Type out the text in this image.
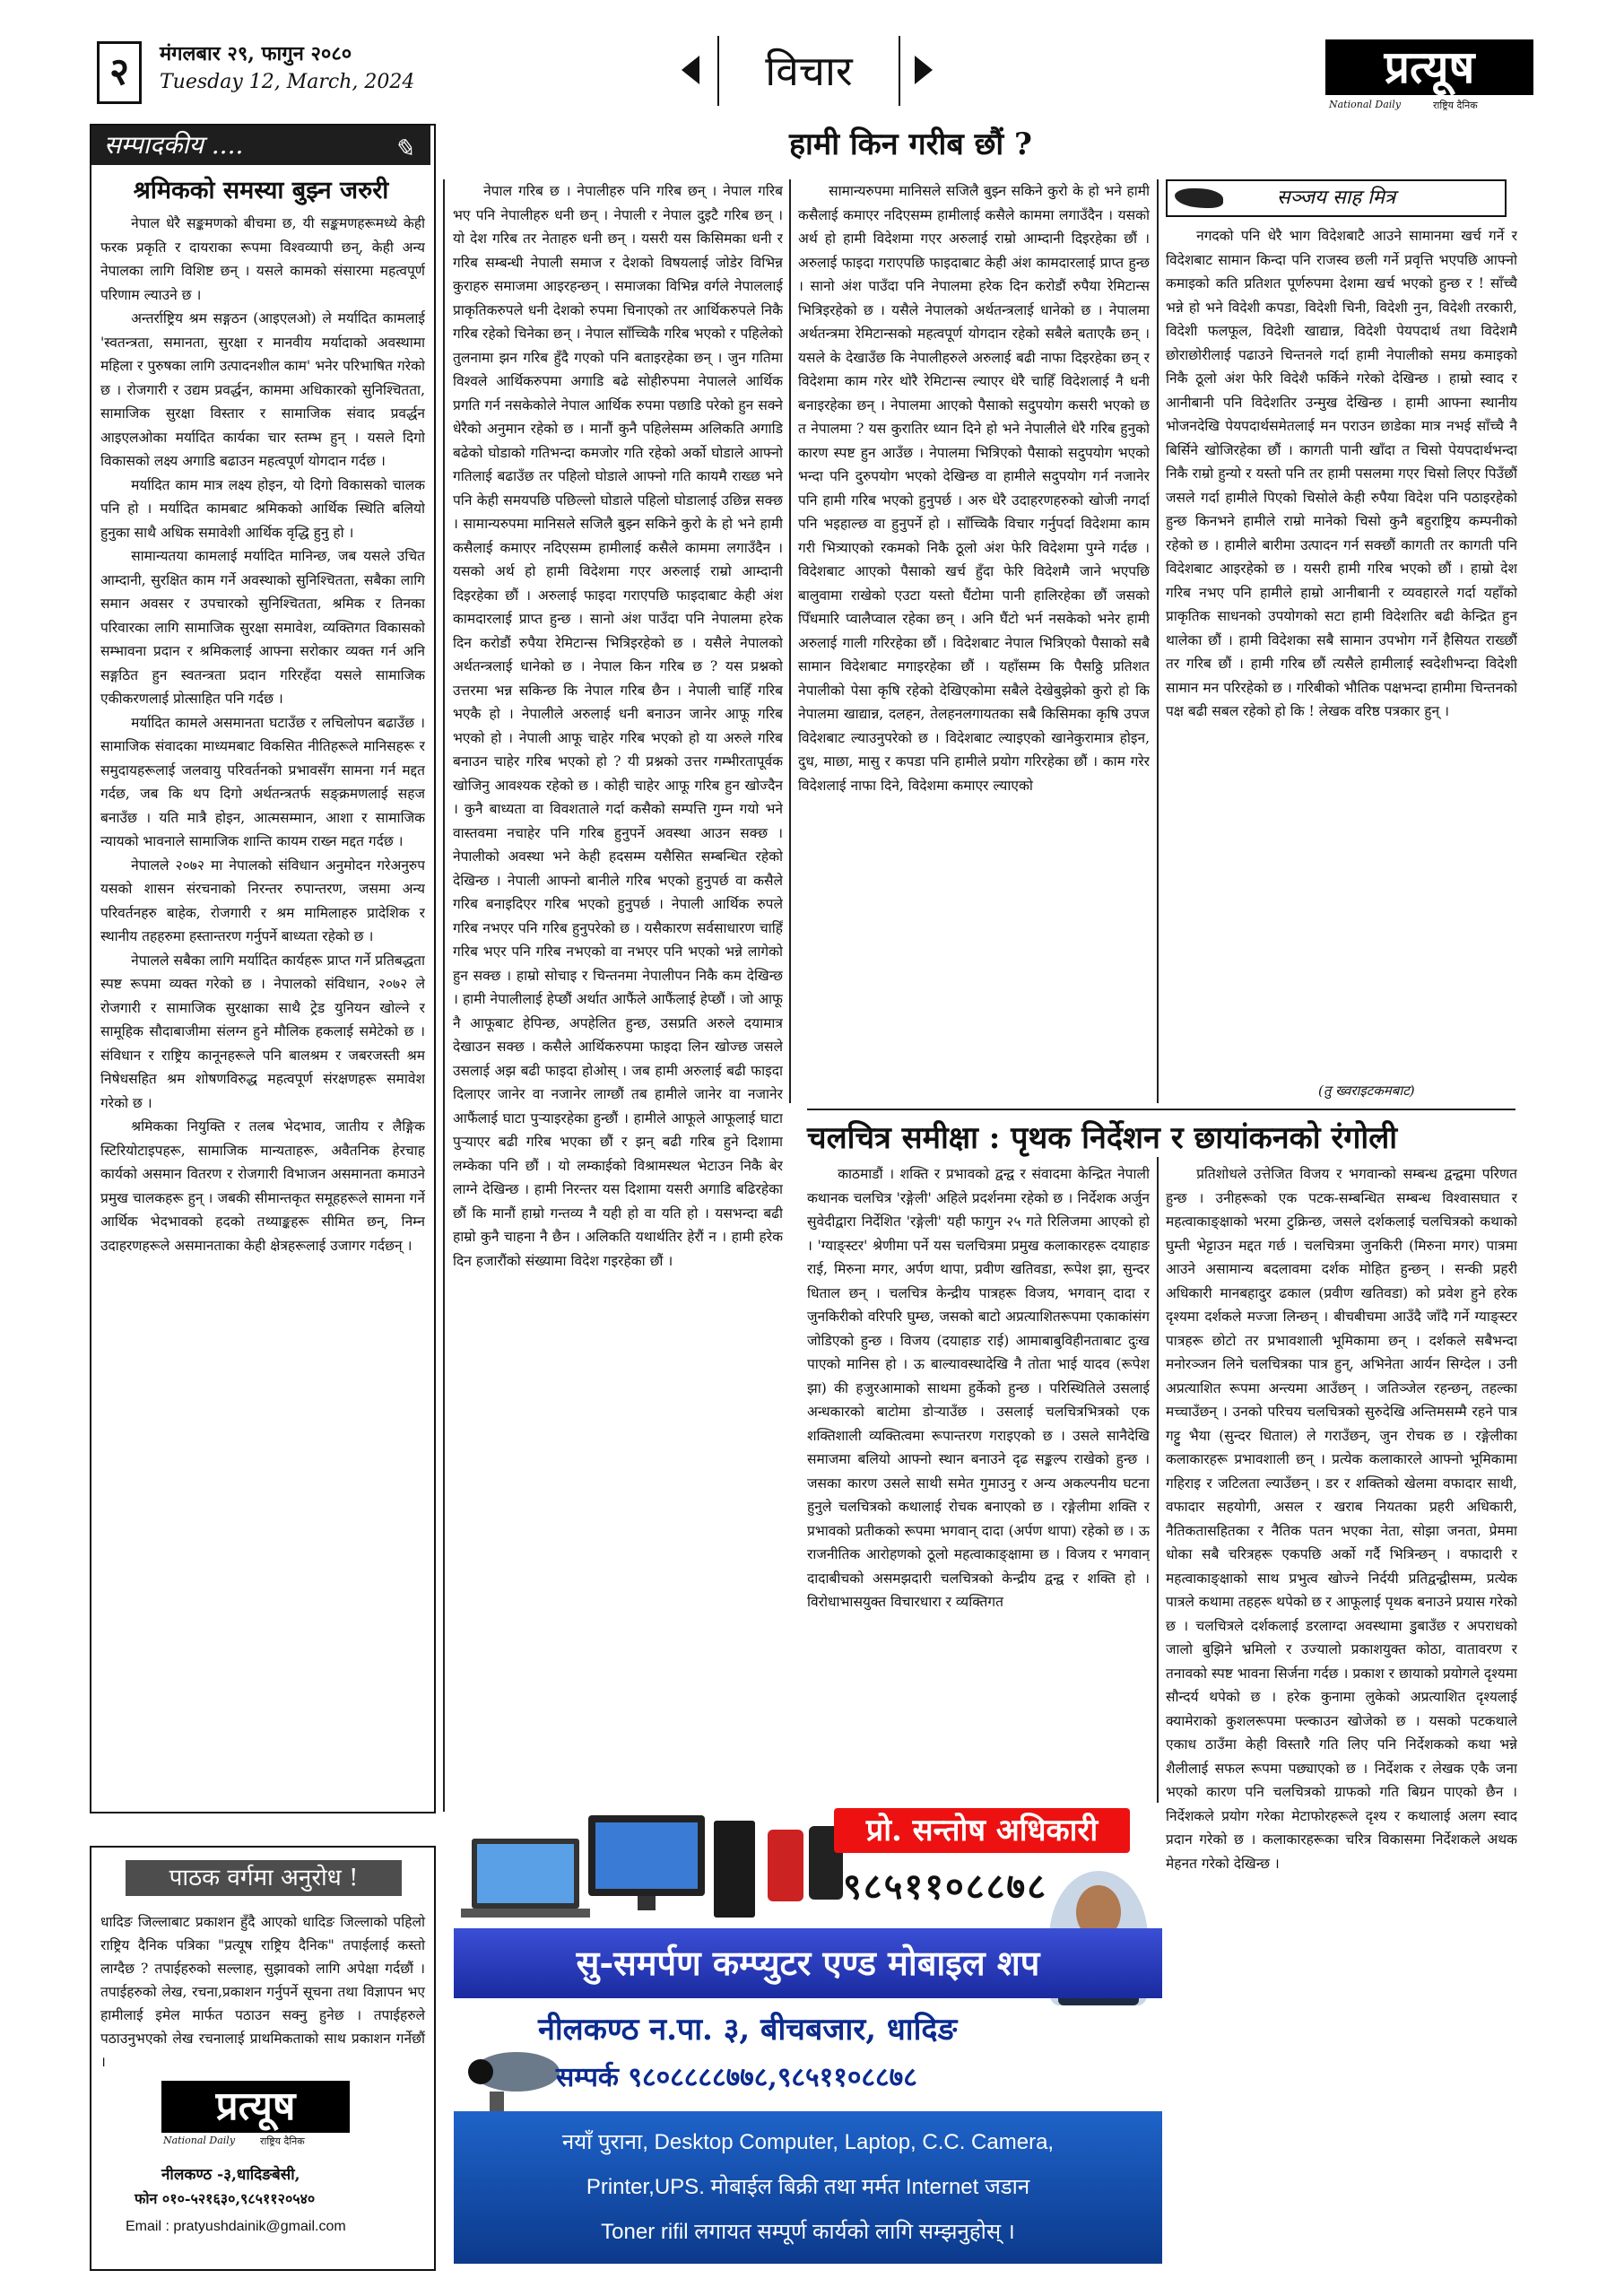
२	मंगलबार २९, फागुन २०८०
Tuesday 12, March, 2024	विचार	प्रत्यूष
National Daily	राष्ट्रिय दैनिक
सम्पादकीय ....	✎
श्रमिकको समस्या बुझ्न जरुरी

नेपाल धेरै सङ्कमणको बीचमा छ, यी सङ्कमणहरूमध्ये केही फरक प्रकृति र दायराका रूपमा विश्वव्यापी छन्, केही अन्य नेपालका लागि विशिष्ट छन् । यसले कामको संसारमा महत्वपूर्ण परिणाम ल्याउने छ ।

अन्तर्राष्ट्रिय श्रम सङ्गठन (आइएलओ) ले मर्यादित कामलाई 'स्वतन्त्रता, समानता, सुरक्षा र मानवीय मर्यादाको अवस्थामा महिला र पुरुषका लागि उत्पादनशील काम' भनेर परिभाषित गरेको छ । रोजगारी र उद्यम प्रवर्द्धन, काममा अधिकारको सुनिश्चितता, सामाजिक सुरक्षा विस्तार र सामाजिक संवाद प्रवर्द्धन आइएलओका मर्यादित कार्यका चार स्तम्भ हुन् । यसले दिगो विकासको लक्ष्य अगाडि बढाउन महत्वपूर्ण योगदान गर्दछ ।

मर्यादित काम मात्र लक्ष्य होइन, यो दिगो विकासको चालक पनि हो । मर्यादित कामबाट श्रमिकको आर्थिक स्थिति बलियो हुनुका साथै अधिक समावेशी आर्थिक वृद्धि हुनु हो ।

सामान्यतया कामलाई मर्यादित मानिन्छ, जब यसले उचित आम्दानी, सुरक्षित काम गर्ने अवस्थाको सुनिश्चितता, सबैका लागि समान अवसर र उपचारको सुनिश्चितता, श्रमिक र तिनका परिवारका लागि सामाजिक सुरक्षा समावेश, व्यक्तिगत विकासको सम्भावना प्रदान र श्रमिकलाई आफ्ना सरोकार व्यक्त गर्न अनि सङ्गठित हुन स्वतन्त्रता प्रदान गरिरहँदा यसले सामाजिक एकीकरणलाई प्रोत्साहित पनि गर्दछ ।

मर्यादित कामले असमानता घटाउँछ र लचिलोपन बढाउँछ । सामाजिक संवादका माध्यमबाट विकसित नीतिहरूले मानिसहरू र समुदायहरूलाई जलवायु परिवर्तनको प्रभावसँग सामना गर्न मद्दत गर्दछ, जब कि थप दिगो अर्थतन्त्रतर्फ सङ्क्रमणलाई सहज बनाउँछ । यति मात्रै होइन, आत्मसम्मान, आशा र सामाजिक न्यायको भावनाले सामाजिक शान्ति कायम राख्न मद्दत गर्दछ ।

नेपालले २०७२ मा नेपालको संविधान अनुमोदन गरेअनुरुप यसको शासन संरचनाको निरन्तर रुपान्तरण, जसमा अन्य परिवर्तनहरु बाहेक, रोजगारी र श्रम मामिलाहरु प्रादेशिक र स्थानीय तहहरुमा हस्तान्तरण गर्नुपर्ने बाध्यता रहेको छ ।

नेपालले सबैका लागि मर्यादित कार्यहरू प्राप्त गर्ने प्रतिबद्धता स्पष्ट रूपमा व्यक्त गरेको छ । नेपालको संविधान, २०७२ ले रोजगारी र सामाजिक सुरक्षाका साथै ट्रेड युनियन खोल्ने र सामूहिक सौदाबाजीमा संलग्न हुने मौलिक हकलाई समेटेको छ । संविधान र राष्ट्रिय कानूनहरूले पनि बालश्रम र जबरजस्ती श्रम निषेधसहित श्रम शोषणविरुद्ध महत्वपूर्ण संरक्षणहरू समावेश गरेको छ ।

श्रमिकका नियुक्ति र तलब भेदभाव, जातीय र लैङ्गिक स्टिरियोटाइपहरू, सामाजिक मान्यताहरू, अवैतनिक हेरचाह कार्यको असमान वितरण र रोजगारी विभाजन असमानता कमाउने प्रमुख चालकहरू हुन् । जबकी सीमान्तकृत समूहहरूले सामना गर्ने आर्थिक भेदभावको हदको तथ्याङ्कहरू सीमित छन्, निम्न उदाहरणहरूले असमानताका केही क्षेत्रहरूलाई उजागर गर्दछन् ।

पाठक वर्गमा अनुरोध !
धादिङ जिल्लाबाट प्रकाशन हुँदै आएको धादिङ जिल्लाको पहिलो राष्ट्रिय दैनिक पत्रिका "प्रत्यूष राष्ट्रिय दैनिक" तपाईलाई कस्तो लाग्दैछ ? तपाईहरुको सल्लाह, सुझावको लागि अपेक्षा गर्दछौं । तपाईहरुको लेख, रचना,प्रकाशन गर्नुपर्ने सूचना तथा विज्ञापन भए हामीलाई इमेल मार्फत पठाउन सक्नु हुनेछ । तपाईहरुले पठाउनुभएको लेख रचनालाई प्राथमिकताको साथ प्रकाशन गर्नेछौं ।
प्रत्यूष
National Daily	राष्ट्रिय दैनिक
नीलकण्ठ -३,धादिङबेसी,
फोन ०१०-५२१६३०,९८५११२०५४०
Email : pratyushdainik@gmail.com
हामी किन गरीब छौं ?

नेपाल गरिब छ । नेपालीहरु पनि गरिब छन् । नेपाल गरिब भए पनि नेपालीहरु धनी छन् । नेपाली र नेपाल दुइटै गरिब छन् । यो देश गरिब तर नेताहरु धनी छन् । यसरी यस किसिमका धनी र गरिब सम्बन्धी नेपाली समाज र देशको विषयलाई जोडेर विभिन्न कुराहरु समाजमा आइरहन्छन् । समाजका विभिन्न वर्गले नेपाललाई प्राकृतिकरुपले धनी देशको रुपमा चिनाएको तर आर्थिकरुपले निकै गरिब रहेको चिनेका छन् । नेपाल साँच्चिकै गरिब भएको र पहिलेको तुलनामा झन गरिब हुँदै गएको पनि बताइरहेका छन् । जुन गतिमा विश्वले आर्थिकरुपमा अगाडि बढे सोहीरुपमा नेपालले आर्थिक प्रगति गर्न नसकेकोले नेपाल आर्थिक रुपमा पछाडि परेको हुन सक्ने धेरैको अनुमान रहेको छ । मानौं कुनै पहिलेसम्म अलिकति अगाडि बढेको घोडाको गतिभन्दा कमजोर गति रहेको अर्को घोडाले आफ्नो गतिलाई बढाउँछ तर पहिलो घोडाले आफ्नो गति कायमै राख्छ भने पनि केही समयपछि पछिल्लो घोडाले पहिलो घोडालाई उछिन्न सक्छ । सामान्यरुपमा मानिसले सजिलै बुझ्न सकिने कुरो के हो भने हामी कसैलाई कमाएर नदिएसम्म हामीलाई कसैले काममा लगाउँदैन । यसको अर्थ हो हामी विदेशमा गएर अरुलाई राम्रो आम्दानी दिइरहेका छौं । अरुलाई फाइदा गराएपछि फाइदाबाट केही अंश कामदारलाई प्राप्त हुन्छ । सानो अंश पाउँदा पनि नेपालमा हरेक दिन करोडौं रुपैया रेमिटान्स भित्रिइरहेको छ । यसैले नेपालको अर्थतन्त्रलाई धानेको छ । नेपाल किन गरिब छ ? यस प्रश्नको उत्तरमा भन्न सकिन्छ कि नेपाल गरिब छैन । नेपाली चाहिँ गरिब भएकै हो । नेपालीले अरुलाई धनी बनाउन जानेर आफू गरिब भएको हो । नेपाली आफू चाहेर गरिब भएको हो या अरुले गरिब बनाउन चाहेर गरिब भएको हो ? यी प्रश्नको उत्तर गम्भीरतापूर्वक खोजिनु आवश्यक रहेको छ । कोही चाहेर आफू गरिब हुन खोज्दैन । कुनै बाध्यता वा विवशताले गर्दा कसैको सम्पत्ति गुम्न गयो भने वास्तवमा नचाहेर पनि गरिब हुनुपर्ने अवस्था आउन सक्छ । नेपालीको अवस्था भने केही हदसम्म यसैसित सम्बन्धित रहेको देखिन्छ । नेपाली आफ्नो बानीले गरिब भएको हुनुपर्छ वा कसैले गरिब बनाइदिएर गरिब भएको हुनुपर्छ । नेपाली आर्थिक रुपले गरिब नभएर पनि गरिब हुनुपरेको छ । यसैकारण सर्वसाधारण चाहिँ गरिब भएर पनि गरिब नभएको वा नभएर पनि भएको भन्ने लागेको हुन सक्छ । हाम्रो सोचाइ र चिन्तनमा नेपालीपन निकै कम देखिन्छ । हामी नेपालीलाई हेप्छौं अर्थात आफैंले आफैंलाई हेप्छौं । जो आफू नै आफूबाट हेपिन्छ, अपहेलित हुन्छ, उसप्रति अरुले दयामात्र देखाउन सक्छ । कसैले आर्थिकरुपमा फाइदा लिन खोज्छ जसले उसलाई अझ बढी फाइदा होओस् । जब हामी अरुलाई बढी फाइदा दिलाएर जानेर वा नजानेर लाग्छौं तब हामीले जानेर वा नजानेर आफैंलाई घाटा पुऱ्याइरहेका हुन्छौं । हामीले आफूले आफूलाई घाटा पुऱ्याएर बढी गरिब भएका छौं र झन् बढी गरिब हुने दिशामा लम्केका पनि छौं । यो लम्काईको विश्रामस्थल भेटाउन निकै बेर लाग्ने देखिन्छ । हामी निरन्तर यस दिशामा यसरी अगाडि बढिरहेका छौं कि मानौं हाम्रो गन्तव्य नै यही हो वा यति हो । यसभन्दा बढी हाम्रो कुनै चाहना नै छैन । अलिकति यथार्थतिर हेरौं न । हामी हरेक दिन हजारौंको संख्यामा विदेश गइरहेका छौं ।

सामान्यरुपमा मानिसले सजिलै बुझ्न सकिने कुरो के हो भने हामी कसैलाई कमाएर नदिएसम्म हामीलाई कसैले काममा लगाउँदैन । यसको अर्थ हो हामी विदेशमा गएर अरुलाई राम्रो आम्दानी दिइरहेका छौं । अरुलाई फाइदा गराएपछि फाइदाबाट केही अंश कामदारलाई प्राप्त हुन्छ । सानो अंश पाउँदा पनि नेपालमा हरेक दिन करोडौं रुपैया रेमिटान्स भित्रिइरहेको छ । यसैले नेपालको अर्थतन्त्रलाई धानेको छ । नेपालमा अर्थतन्त्रमा रेमिटान्सको महत्वपूर्ण योगदान रहेको सबैले बताएकै छन् । यसले के देखाउँछ कि नेपालीहरुले अरुलाई बढी नाफा दिइरहेका छन् र विदेशमा काम गरेर थोरै रेमिटान्स ल्याएर धेरै चाहिँ विदेशलाई नै धनी बनाइरहेका छन् । नेपालमा आएको पैसाको सदुपयोग कसरी भएको छ त नेपालमा ? यस कुरातिर ध्यान दिने हो भने नेपालीले धेरै गरिब हुनुको कारण स्पष्ट हुन आउँछ । नेपालमा भित्रिएको पैसाको सदुपयोग भएको भन्दा पनि दुरुपयोग भएको देखिन्छ वा हामीले सदुपयोग गर्न नजानेर पनि हामी गरिब भएको हुनुपर्छ । अरु धेरै उदाहरणहरुको खोजी नगर्दा पनि भइहाल्छ वा हुनुपर्ने हो । साँच्चिकै विचार गर्नुपर्दा विदेशमा काम गरी भित्र्याएको रकमको निकै ठूलो अंश फेरि विदेशमा पुग्ने गर्दछ । विदेशबाट आएको पैसाको खर्च हुँदा फेरि विदेशमै जाने भएपछि बालुवामा राखेको एउटा यस्तो घैंटोमा पानी हालिरहेका छौं जसको पिँधमारि प्वालैप्वाल रहेका छन् । अनि घैंटो भर्न नसकेको भनेर हामी अरुलाई गाली गरिरहेका छौं । विदेशबाट नेपाल भित्रिएको पैसाको सबै सामान विदेशबाट मगाइरहेका छौं । यहाँसम्म कि पैसठ्ठि प्रतिशत नेपालीको पेसा कृषि रहेको देखिएकोमा सबैले देखेबुझेको कुरो हो कि नेपालमा खाद्यान्न, दलहन, तेलहनलगायतका सबै किसिमका कृषि उपज विदेशबाट ल्याउनुपरेको छ । विदेशबाट ल्याइएको खानेकुरामात्र होइन, दुध, माछा, मासु र कपडा पनि हामीले प्रयोग गरिरहेका छौं । काम गरेर विदेशलाई नाफा दिने, विदेशमा कमाएर ल्याएको

सञ्जय साह मित्र

नगदको पनि धेरै भाग विदेशबाटै आउने सामानमा खर्च गर्ने र विदेशबाट सामान किन्दा पनि राजस्व छली गर्ने प्रवृत्ति भएपछि आफ्नो कमाइको कति प्रतिशत पूर्णरुपमा देशमा खर्च भएको हुन्छ र ! साँच्चै भन्ने हो भने विदेशी कपडा, विदेशी चिनी, विदेशी नुन, विदेशी तरकारी, विदेशी फलफूल, विदेशी खाद्यान्न, विदेशी पेयपदार्थ तथा विदेशमै छोराछोरीलाई पढाउने चिन्तनले गर्दा हामी नेपालीको समग्र कमाइको निकै ठूलो अंश फेरि विदेशै फर्किने गरेको देखिन्छ । हाम्रो स्वाद र आनीबानी पनि विदेशतिर उन्मुख देखिन्छ । हामी आफ्ना स्थानीय भोजनदेखि पेयपदार्थसमेतलाई मन पराउन छाडेका मात्र नभई साँच्चै नै बिर्सिने खोजिरहेका छौं । कागती पानी खाँदा त चिसो पेयपदार्थभन्दा निकै राम्रो हुन्यो र यस्तो पनि तर हामी पसलमा गएर चिसो लिएर पिउँछौं जसले गर्दा हामीले पिएको चिसोले केही रुपैया विदेश पनि पठाइरहेको हुन्छ किनभने हामीले राम्रो मानेको चिसो कुनै बहुराष्ट्रिय कम्पनीको रहेको छ । हामीले बारीमा उत्पादन गर्न सक्छौं कागती तर कागती पनि विदेशबाट आइरहेको छ । यसरी हामी गरिब भएको छौं । हाम्रो देश गरिब नभए पनि हामीले हाम्रो आनीबानी र व्यवहारले गर्दा यहाँको प्राकृतिक साधनको उपयोगको सटा हामी विदेशतिर बढी केन्द्रित हुन थालेका छौं । हामी विदेशका सबै सामान उपभोग गर्ने हैसियत राख्छौं तर गरिब छौं । हामी गरिब छौं त्यसैले हामीलाई स्वदेशीभन्दा विदेशी सामान मन परिरहेको छ । गरिबीको भौतिक पक्षभन्दा हामीमा चिन्तनको पक्ष बढी सबल रहेको हो कि ! लेखक वरिष्ठ पत्रकार हुन् ।

(तु ख्वराइटकमबाट)
चलचित्र समीक्षा : पृथक निर्देशन र छायांकनको रंगोली

काठमाडौं । शक्ति र प्रभावको द्वन्द्व र संवादमा केन्द्रित नेपाली कथानक चलचित्र 'रङ्गेली' अहिले प्रदर्शनमा रहेको छ । निर्देशक अर्जुन सुवेदीद्वारा निर्देशित 'रङ्गेली' यही फागुन २५ गते रिलिजमा आएको हो । 'ग्याङ्स्टर' श्रेणीमा पर्ने यस चलचित्रमा प्रमुख कलाकारहरू दयाहाङ राई, मिरुना मगर, अर्पण थापा, प्रवीण खतिवडा, रूपेश झा, सुन्दर धिताल छन् । चलचित्र केन्द्रीय पात्रहरू विजय, भगवान् दादा र जुनकिरीको वरिपरि घुम्छ, जसको बाटो अप्रत्याशितरूपमा एकाकांसंग जोडिएको हुन्छ । विजय (दयाहाङ राई) आमाबाबुविहीनताबाट दुःख पाएको मानिस हो । ऊ बाल्यावस्थादेखि नै तोता भाई यादव (रूपेश झा) की हजुरआमाको साथमा हुर्केको हुन्छ । परिस्थितिले उसलाई अन्धकारको बाटोमा डोऱ्याउँछ । उसलाई चलचित्रभित्रको एक शक्तिशाली व्यक्तित्वमा रूपान्तरण गराइएको छ । उसले सानैदेखि समाजमा बलियो आफ्नो स्थान बनाउने दृढ सङ्कल्प राखेको हुन्छ । जसका कारण उसले साथी समेत गुमाउनु र अन्य अकल्पनीय घटना हुनुले चलचित्रको कथालाई रोचक बनाएको छ । रङ्गेलीमा शक्ति र प्रभावको प्रतीकको रूपमा भगवान् दादा (अर्पण थापा) रहेको छ । ऊ राजनीतिक आरोहणको ठूलो महत्वाकाङ्क्षामा छ । विजय र भगवान् दादाबीचको असमझदारी चलचित्रको केन्द्रीय द्वन्द्व र शक्ति हो । विरोधाभासयुक्त विचारधारा र व्यक्तिगत

प्रतिशोधले उत्तेजित विजय र भगवान्को सम्बन्ध द्वन्द्वमा परिणत हुन्छ । उनीहरूको एक पटक-सम्बन्धित सम्बन्ध विश्वासघात र महत्वाकाङ्क्षाको भरमा टुक्रिन्छ, जसले दर्शकलाई चलचित्रको कथाको घुम्ती भेट्टाउन मद्दत गर्छ । चलचित्रमा जुनकिरी (मिरुना मगर) पात्रमा आउने असामान्य बदलावमा दर्शक मोहित हुन्छन् । सन्की प्रहरी अधिकारी मानबहादुर ढकाल (प्रवीण खतिवडा) को प्रवेश हुने हरेक दृश्यमा दर्शकले मज्जा लिन्छन् । बीचबीचमा आउँदै जाँदै गर्ने ग्याङ्स्टर पात्रहरू छोटो तर प्रभावशाली भूमिकामा छन् । दर्शकले सबैभन्दा मनोरञ्जन लिने चलचित्रका पात्र हुन्, अभिनेता आर्यन सिग्देल । उनी अप्रत्याशित रूपमा अन्त्यमा आउँछन् । जतिञ्जेल रहन्छन्, तहल्का मच्चाउँछन् । उनको परिचय चलचित्रको सुरुदेखि अन्तिमसम्मै रहने पात्र गट्टु भैया (सुन्दर धिताल) ले गराउँछन्, जुन रोचक छ । रङ्गेलीका कलाकारहरू प्रभावशाली छन् । प्रत्येक कलाकारले आफ्नो भूमिकामा गहिराइ र जटिलता ल्याउँछन् । डर र शक्तिको खेलमा वफादार साथी, वफादार सहयोगी, असल र खराब नियतका प्रहरी अधिकारी, नैतिकतासहितका र नैतिक पतन भएका नेता, सोझा जनता, प्रेममा धोका सबै चरित्रहरू एकपछि अर्को गर्दै भित्रिन्छन् । वफादारी र महत्वाकाङ्क्षाको साथ प्रभुत्व खोज्ने निर्दयी प्रतिद्वन्द्वीसम्म, प्रत्येक पात्रले कथामा तहहरू थपेको छ र आफूलाई पृथक बनाउने प्रयास गरेको छ । चलचित्रले दर्शकलाई डरलाग्दा अवस्थामा डुबाउँछ र अपराधको जालो बुझिने भ्रमिलो र उज्यालो प्रकाशयुक्त कोठा, वातावरण र तनावको स्पष्ट भावना सिर्जना गर्दछ । प्रकाश र छायाको प्रयोगले दृश्यमा सौन्दर्य थपेको छ । हरेक कुनामा लुकेको अप्रत्याशित दृश्यलाई क्यामेराको कुशलरूपमा फ्ल्काउन खोजेको छ । यसको पटकथाले एकाध ठाउँमा केही विस्तारै गति लिए पनि निर्देशकको कथा भन्ने शैलीलाई सफल रूपमा पछ्याएको छ । निर्देशक र लेखक एकै जना भएको कारण पनि चलचित्रको ग्राफको गति बिग्रन पाएको छैन । निर्देशकले प्रयोग गरेका मेटाफोरहरूले दृश्य र कथालाई अलग स्वाद प्रदान गरेको छ । कलाकारहरूका चरित्र विकासमा निर्देशकले अथक मेहनत गरेको देखिन्छ ।

प्रो. सन्तोष अधिकारी
९८५११०८८७८
सु-समर्पण कम्प्युटर एण्ड मोबाइल शप
नीलकण्ठ न.पा. ३, बीचबजार, धादिङ
सम्पर्क ९८०८८८८७७८,९८५११०८८७८
नयाँ पुराना, Desktop Computer, Laptop, C.C. Camera,
Printer,UPS. मोबाईल बिक्री तथा मर्मत Internet जडान
Toner rifil लगायत सम्पूर्ण कार्यको लागि सम्झनुहोस् ।
